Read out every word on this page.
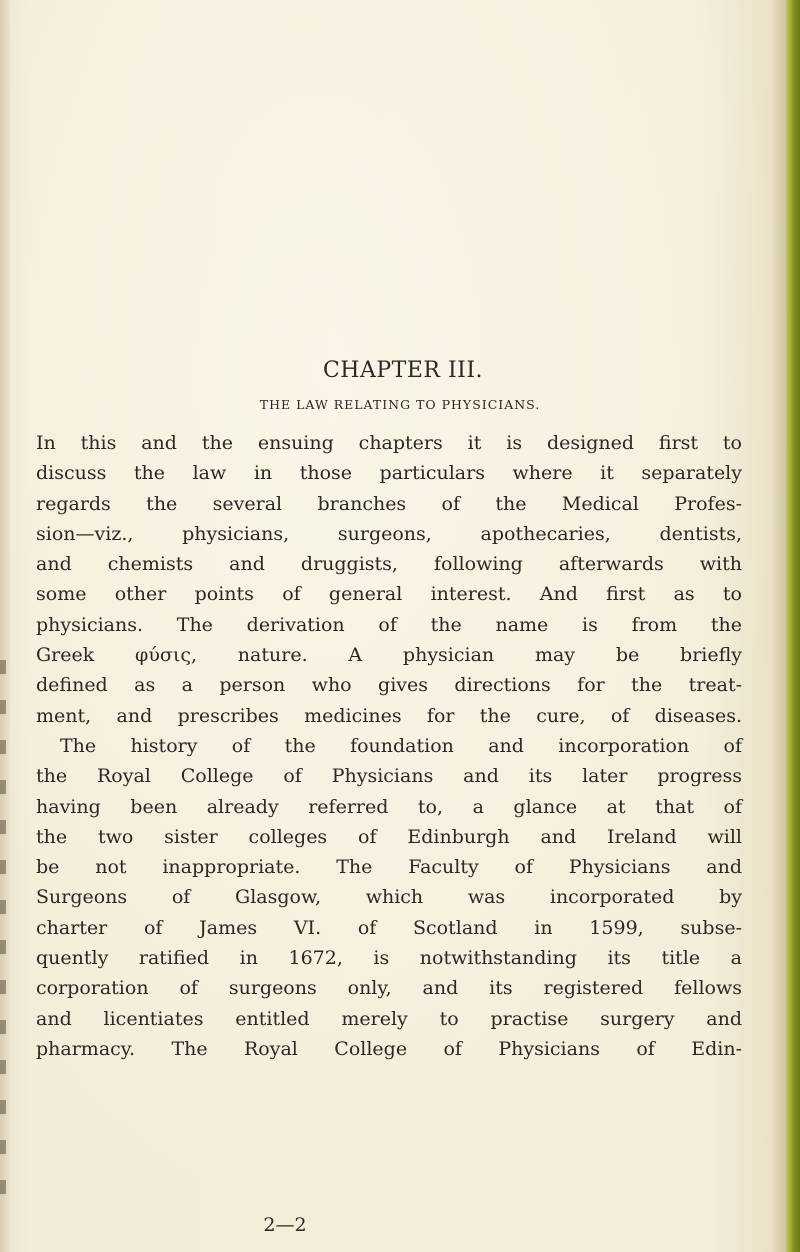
CHAPTER III.
THE LAW RELATING TO PHYSICIANS.
In this and the ensuing chapters it is designed first to
discuss the law in those particulars where it separately
regards the several branches of the Medical Profes-
sion—viz., physicians, surgeons, apothecaries, dentists,
and chemists and druggists, following afterwards with
some other points of general interest. And first as to
physicians. The derivation of the name is from the
Greek φύσις, nature. A physician may be briefly
defined as a person who gives directions for the treat-
ment, and prescribes medicines for the cure, of diseases.
The history of the foundation and incorporation of
the Royal College of Physicians and its later progress
having been already referred to, a glance at that of
the two sister colleges of Edinburgh and Ireland will
be not inappropriate. The Faculty of Physicians and
Surgeons of Glasgow, which was incorporated by
charter of James VI. of Scotland in 1599, subse-
quently ratified in 1672, is notwithstanding its title a
corporation of surgeons only, and its registered fellows
and licentiates entitled merely to practise surgery and
pharmacy. The Royal College of Physicians of Edin-
2—2
